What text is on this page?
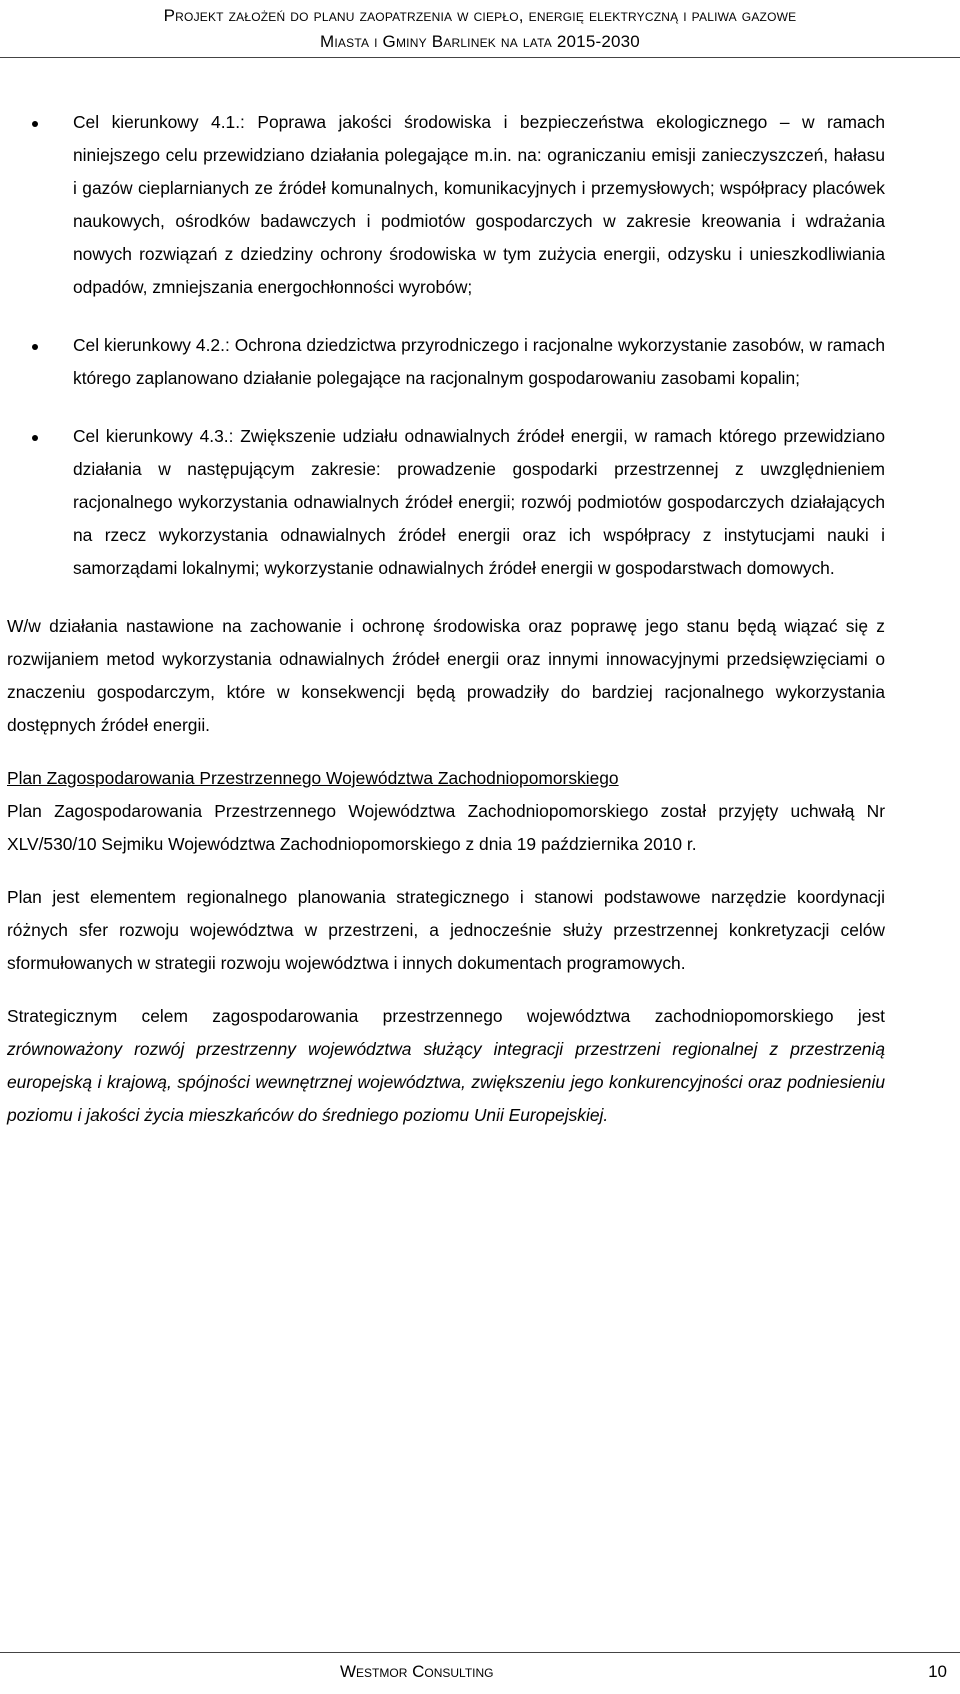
Projekt założeń do planu zaopatrzenia w ciepło, energię elektryczną i paliwa gazowe
Miasta i Gminy Barlinek na lata 2015-2030
Cel kierunkowy 4.1.: Poprawa jakości środowiska i bezpieczeństwa ekologicznego – w ramach niniejszego celu przewidziano działania polegające m.in. na: ograniczaniu emisji zanieczyszczeń, hałasu i gazów cieplarnianych ze źródeł komunalnych, komunikacyjnych i przemysłowych; współpracy placówek naukowych, ośrodków badawczych i podmiotów gospodarczych w zakresie kreowania i wdrażania nowych rozwiązań z dziedziny ochrony środowiska w tym zużycia energii, odzysku i unieszkodliwiania odpadów, zmniejszania energochłonności wyrobów;
Cel kierunkowy 4.2.: Ochrona dziedzictwa przyrodniczego i racjonalne wykorzystanie zasobów, w ramach którego zaplanowano działanie polegające na racjonalnym gospodarowaniu zasobami kopalin;
Cel kierunkowy 4.3.: Zwiększenie udziału odnawialnych źródeł energii, w ramach którego przewidziano działania w następującym zakresie: prowadzenie gospodarki przestrzennej z uwzględnieniem racjonalnego wykorzystania odnawialnych źródeł energii; rozwój podmiotów gospodarczych działających na rzecz wykorzystania odnawialnych źródeł energii oraz ich współpracy z instytucjami nauki i samorządami lokalnymi; wykorzystanie odnawialnych źródeł energii w gospodarstwach domowych.

W/w działania nastawione na zachowanie i ochronę środowiska oraz poprawę jego stanu będą wiązać się z rozwijaniem metod wykorzystania odnawialnych źródeł energii oraz innymi innowacyjnymi przedsięwzięciami o znaczeniu gospodarczym, które w konsekwencji będą prowadziły do bardziej racjonalnego wykorzystania dostępnych źródeł energii.

Plan Zagospodarowania Przestrzennego Województwa Zachodniopomorskiego

Plan Zagospodarowania Przestrzennego Województwa Zachodniopomorskiego został przyjęty uchwałą Nr XLV/530/10 Sejmiku Województwa Zachodniopomorskiego z dnia 19 października 2010 r.

Plan jest elementem regionalnego planowania strategicznego i stanowi podstawowe narzędzie koordynacji różnych sfer rozwoju województwa w przestrzeni, a jednocześnie służy przestrzennej konkretyzacji celów sformułowanych w strategii rozwoju województwa i innych dokumentach programowych.

Strategicznym celem zagospodarowania przestrzennego województwa zachodniopomorskiego jest zrównoważony rozwój przestrzenny województwa służący integracji przestrzeni regionalnej z przestrzenią europejską i krajową, spójności wewnętrznej województwa, zwiększeniu jego konkurencyjności oraz podniesieniu poziomu i jakości życia mieszkańców do średniego poziomu Unii Europejskiej.

Westmor Consulting	10
